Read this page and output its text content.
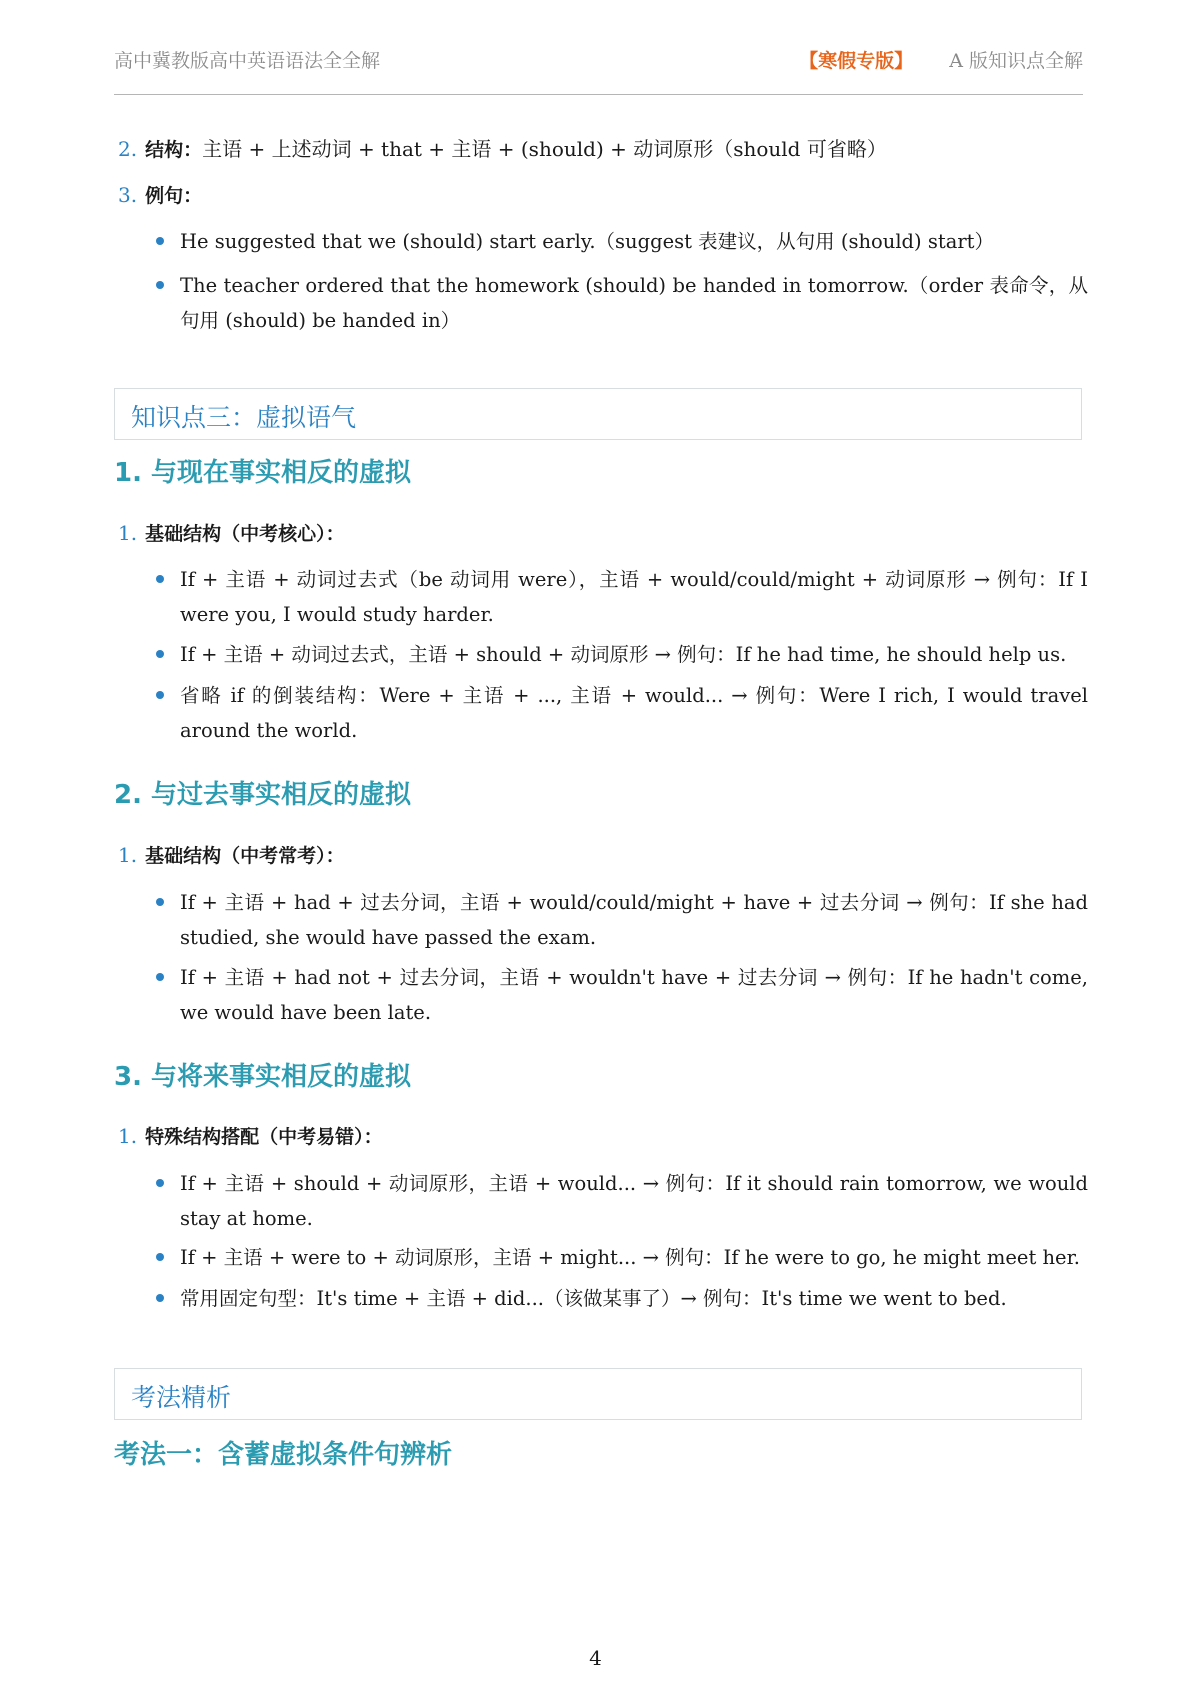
高中冀教版高中英语语法全全解	【寒假专版】 A 版知识点全解
2. 结构：主语 + 上述动词 + that + 主语 + (should) + 动词原形（should 可省略）
3. 例句：
He suggested that we (should) start early.（suggest 表建议，从句用 (should) start）
The teacher ordered that the homework (should) be handed in tomorrow.（order 表命令，从句用 (should) be handed in）
知识点三：虚拟语气
1. 与现在事实相反的虚拟
1. 基础结构（中考核心）：
If + 主语 + 动词过去式（be 动词用 were），主语 + would/could/might + 动词原形 → 例句：If I were you, I would study harder.
If + 主语 + 动词过去式，主语 + should + 动词原形 → 例句：If he had time, he should help us.
省略 if 的倒装结构：Were + 主语 + ..., 主语 + would... → 例句：Were I rich, I would travel around the world.
2. 与过去事实相反的虚拟
1. 基础结构（中考常考）：
If + 主语 + had + 过去分词，主语 + would/could/might + have + 过去分词 → 例句：If she had studied, she would have passed the exam.
If + 主语 + had not + 过去分词，主语 + wouldn't have + 过去分词 → 例句：If he hadn't come, we would have been late.
3. 与将来事实相反的虚拟
1. 特殊结构搭配（中考易错）：
If + 主语 + should + 动词原形，主语 + would... → 例句：If it should rain tomorrow, we would stay at home.
If + 主语 + were to + 动词原形，主语 + might... → 例句：If he were to go, he might meet her.
常用固定句型：It's time + 主语 + did...（该做某事了）→ 例句：It's time we went to bed.
考法精析
考法一：含蓄虚拟条件句辨析
4
